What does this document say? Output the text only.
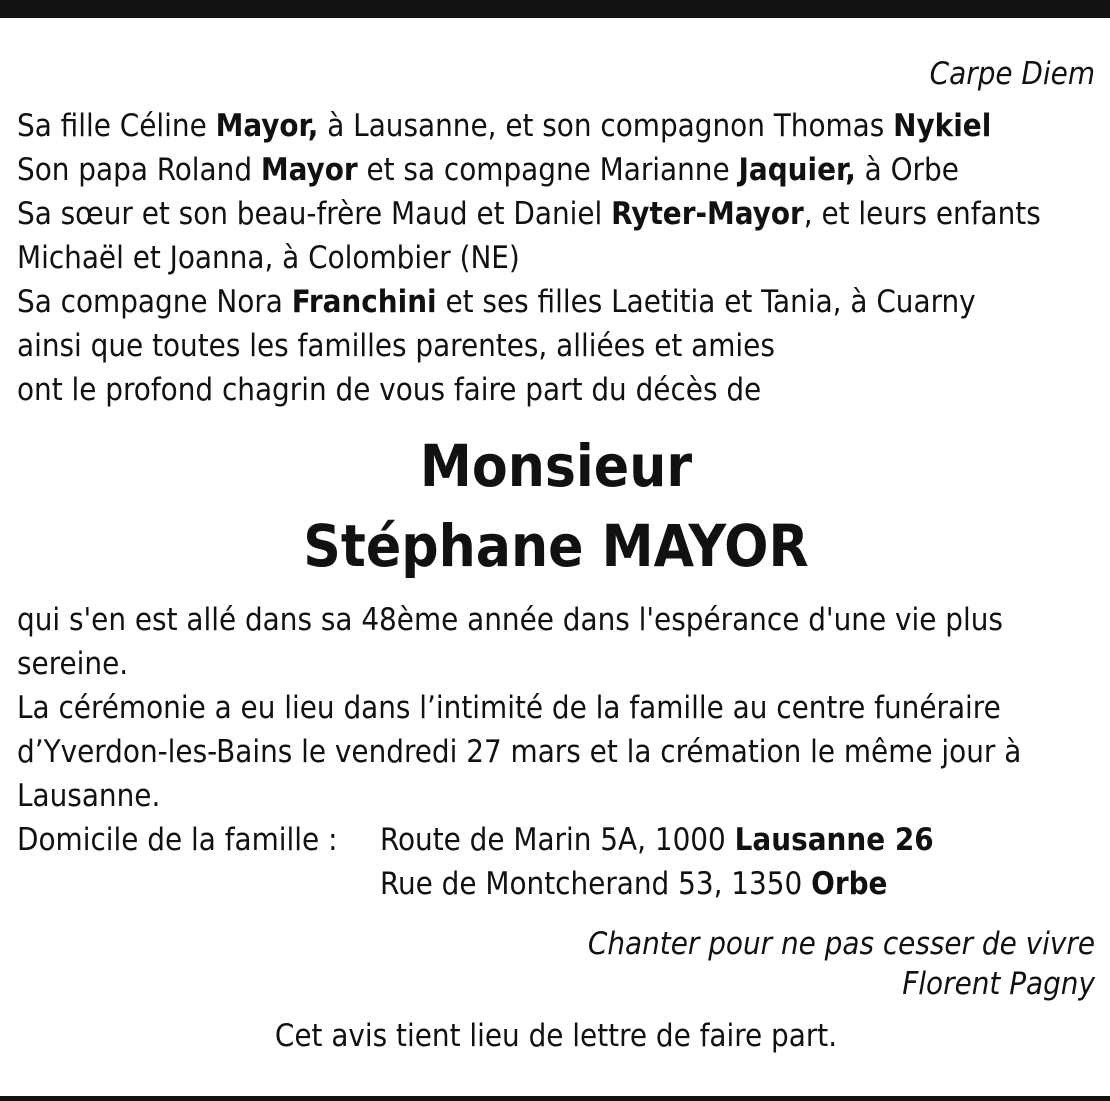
Carpe Diem
Sa fille Céline Mayor, à Lausanne, et son compagnon Thomas Nykiel
Son papa Roland Mayor et sa compagne Marianne Jaquier, à Orbe
Sa sœur et son beau-frère Maud et Daniel Ryter-Mayor, et leurs enfants
Michaël et Joanna, à Colombier (NE)
Sa compagne Nora Franchini et ses filles Laetitia et Tania, à Cuarny
ainsi que toutes les familles parentes, alliées et amies
ont le profond chagrin de vous faire part du décès de
Monsieur
Stéphane MAYOR
qui s'en est allé dans sa 48ème année dans l'espérance d'une vie plus
sereine.
La cérémonie a eu lieu dans l’intimité de la famille au centre funéraire
d’Yverdon-les-Bains le vendredi 27 mars et la crémation le même jour à
Lausanne.
Domicile de la famille :	Route de Marin 5A, 1000 Lausanne 26
Rue de Montcherand 53, 1350 Orbe
Chanter pour ne pas cesser de vivre
Florent Pagny
Cet avis tient lieu de lettre de faire part.
